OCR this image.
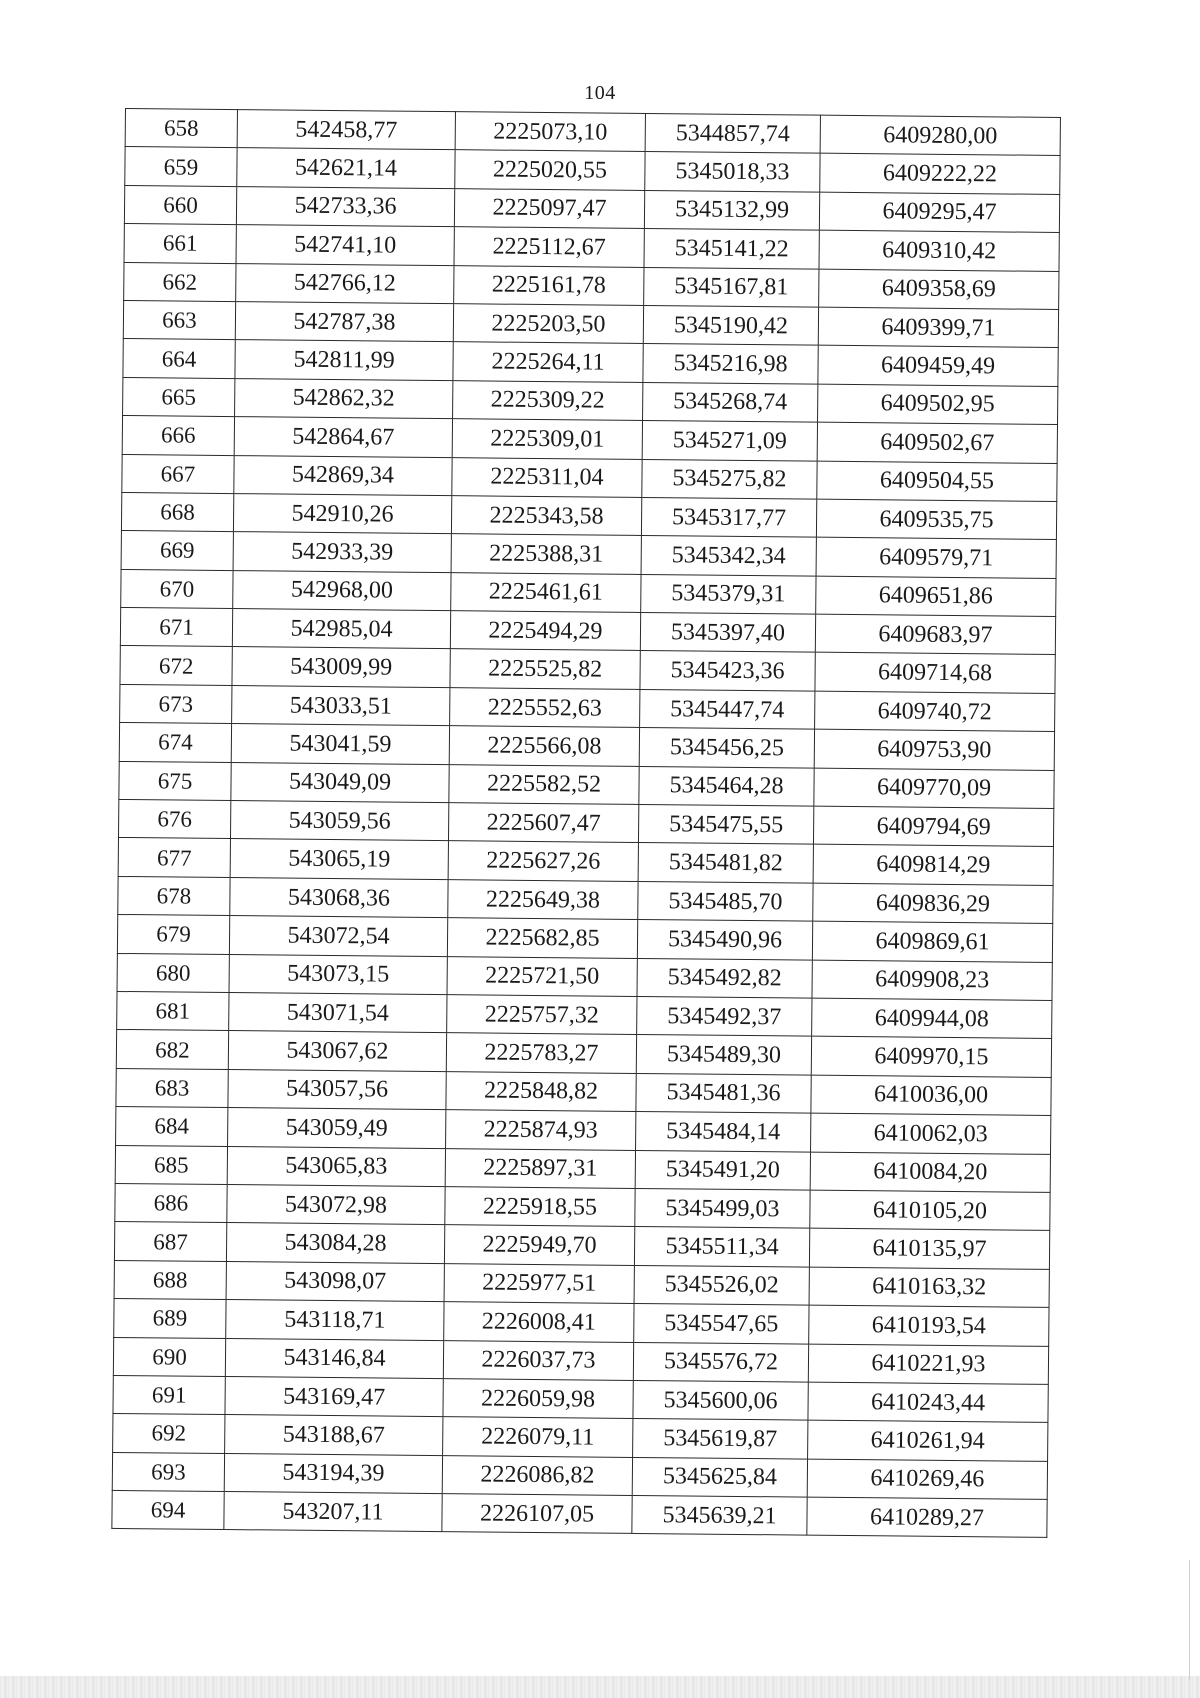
104
658	542458,77	2225073,10	5344857,74	6409280,00
659	542621,14	2225020,55	5345018,33	6409222,22
660	542733,36	2225097,47	5345132,99	6409295,47
661	542741,10	2225112,67	5345141,22	6409310,42
662	542766,12	2225161,78	5345167,81	6409358,69
663	542787,38	2225203,50	5345190,42	6409399,71
664	542811,99	2225264,11	5345216,98	6409459,49
665	542862,32	2225309,22	5345268,74	6409502,95
666	542864,67	2225309,01	5345271,09	6409502,67
667	542869,34	2225311,04	5345275,82	6409504,55
668	542910,26	2225343,58	5345317,77	6409535,75
669	542933,39	2225388,31	5345342,34	6409579,71
670	542968,00	2225461,61	5345379,31	6409651,86
671	542985,04	2225494,29	5345397,40	6409683,97
672	543009,99	2225525,82	5345423,36	6409714,68
673	543033,51	2225552,63	5345447,74	6409740,72
674	543041,59	2225566,08	5345456,25	6409753,90
675	543049,09	2225582,52	5345464,28	6409770,09
676	543059,56	2225607,47	5345475,55	6409794,69
677	543065,19	2225627,26	5345481,82	6409814,29
678	543068,36	2225649,38	5345485,70	6409836,29
679	543072,54	2225682,85	5345490,96	6409869,61
680	543073,15	2225721,50	5345492,82	6409908,23
681	543071,54	2225757,32	5345492,37	6409944,08
682	543067,62	2225783,27	5345489,30	6409970,15
683	543057,56	2225848,82	5345481,36	6410036,00
684	543059,49	2225874,93	5345484,14	6410062,03
685	543065,83	2225897,31	5345491,20	6410084,20
686	543072,98	2225918,55	5345499,03	6410105,20
687	543084,28	2225949,70	5345511,34	6410135,97
688	543098,07	2225977,51	5345526,02	6410163,32
689	543118,71	2226008,41	5345547,65	6410193,54
690	543146,84	2226037,73	5345576,72	6410221,93
691	543169,47	2226059,98	5345600,06	6410243,44
692	543188,67	2226079,11	5345619,87	6410261,94
693	543194,39	2226086,82	5345625,84	6410269,46
694	543207,11	2226107,05	5345639,21	6410289,27
